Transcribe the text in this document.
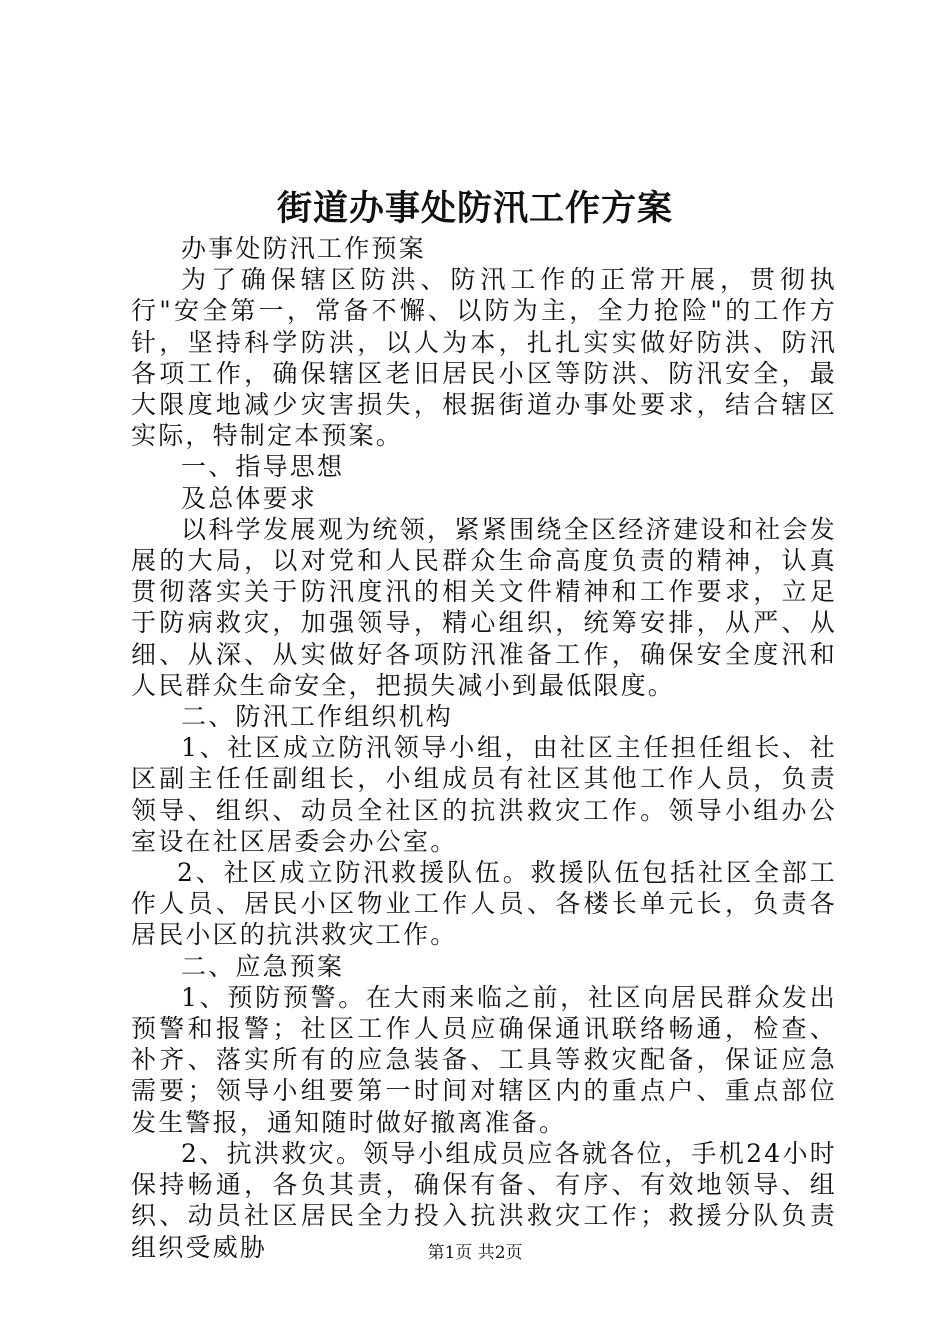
街道办事处防汛工作方案

办事处防汛工作预案

为了确保辖区防洪、防汛工作的正常开展，贯彻执行"安全第一，常备不懈、以防为主，全力抢险"的工作方针，坚持科学防洪，以人为本，扎扎实实做好防洪、防汛各项工作，确保辖区老旧居民小区等防洪、防汛安全，最大限度地减少灾害损失，根据街道办事处要求，结合辖区实际，特制定本预案。

一、指导思想

及总体要求

以科学发展观为统领，紧紧围绕全区经济建设和社会发展的大局，以对党和人民群众生命高度负责的精神，认真贯彻落实关于防汛度汛的相关文件精神和工作要求，立足于防病救灾，加强领导，精心组织，统筹安排，从严、从细、从深、从实做好各项防汛准备工作，确保安全度汛和人民群众生命安全，把损失减小到最低限度。

二、防汛工作组织机构

1、社区成立防汛领导小组，由社区主任担任组长、社区副主任任副组长，小组成员有社区其他工作人员，负责领导、组织、动员全社区的抗洪救灾工作。领导小组办公室设在社区居委会办公室。

2、社区成立防汛救援队伍。救援队伍包括社区全部工作人员、居民小区物业工作人员、各楼长单元长，负责各居民小区的抗洪救灾工作。

二、应急预案

1、预防预警。在大雨来临之前，社区向居民群众发出预警和报警；社区工作人员应确保通讯联络畅通，检查、补齐、落实所有的应急装备、工具等救灾配备，保证应急需要；领导小组要第一时间对辖区内的重点户、重点部位发生警报，通知随时做好撤离准备。

2、抗洪救灾。领导小组成员应各就各位，手机24小时保持畅通，各负其责，确保有备、有序、有效地领导、组织、动员社区居民全力投入抗洪救灾工作；救援分队负责组织受威胁	第1页 共2页
